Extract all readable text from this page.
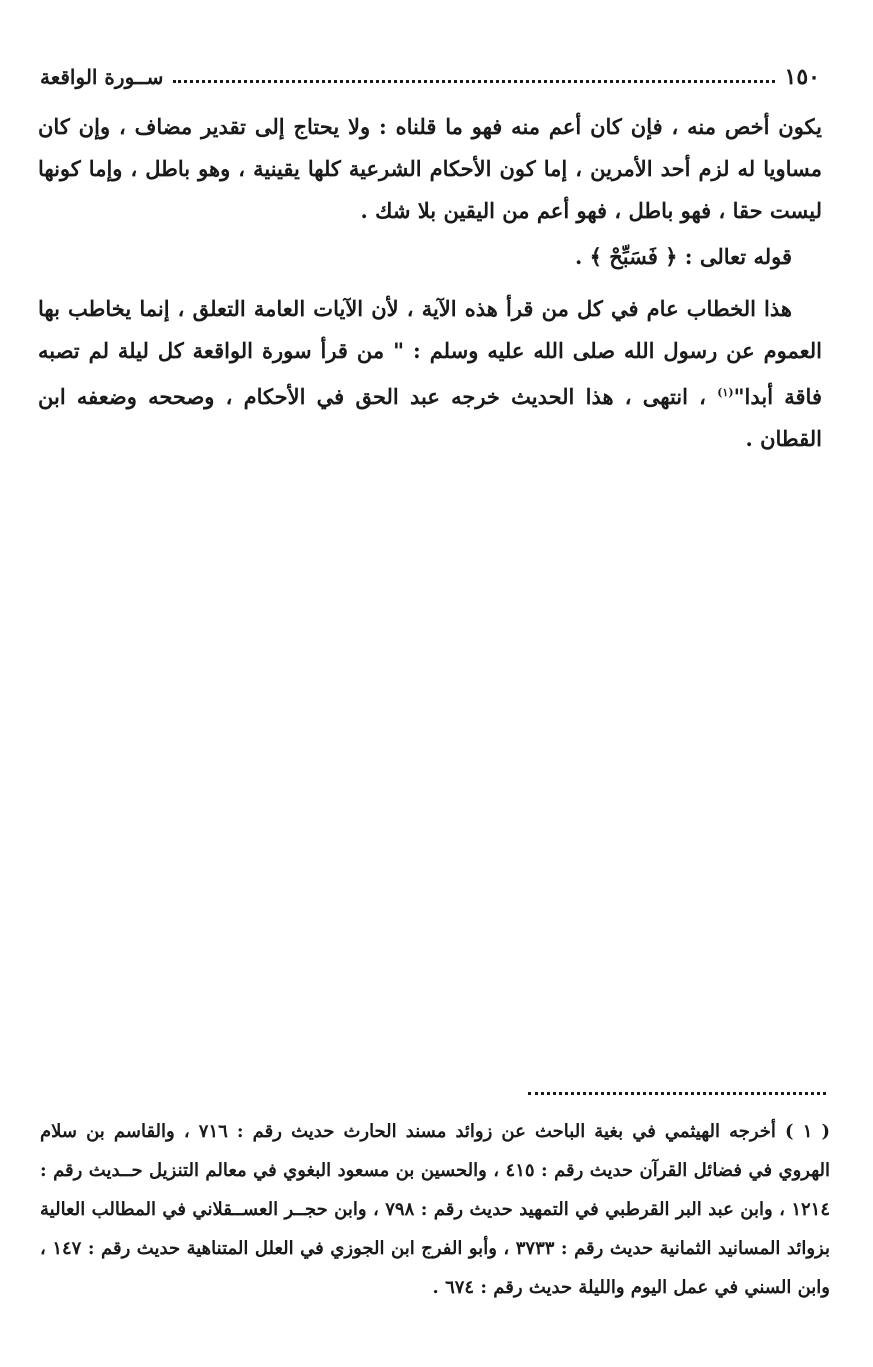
١٥٠
ســورة الواقعة

يكون أخص منه ، فإن كان أعم منه فهو ما قلناه : ولا يحتاج إلى تقدير مضاف ، وإن كان مساويا له لزم أحد الأمرين ، إما كون الأحكام الشرعية كلها يقينية ، وهو باطل ، وإما كونها ليست حقا ، فهو باطل ، فهو أعم من اليقين بلا شك .

قوله تعالى : ﴿ فَسَبِّحْ ﴾ .

هذا الخطاب عام في كل من قرأ هذه الآية ، لأن الآيات العامة التعلق ، إنما يخاطب بها العموم عن رسول الله صلى الله عليه وسلم : " من قرأ سورة الواقعة كل ليلة لم تصبه فاقة أبدا"$^{(١)}$ ، انتهى ، هذا الحديث خرجه عبد الحق في الأحكام ، وصححه وضعفه ابن القطان .

( ١ ) أخرجه الهيثمي في بغية الباحث عن زوائد مسند الحارث حديث رقم : ٧١٦ ، والقاسم بن سلام الهروي في فضائل القرآن حديث رقم : ٤١٥ ، والحسين بن مسعود البغوي في معالم التنزيل حــديث رقم : ١٢١٤ ، وابن عبد البر القرطبي في التمهيد حديث رقم : ٧٩٨ ، وابن حجــر العســقلاني في المطالب العالية بزوائد المسانيد الثمانية حديث رقم : ٣٧٣٣ ، وأبو الفرج ابن الجوزي في العلل المتناهية حديث رقم : ١٤٧ ، وابن السني في عمل اليوم والليلة حديث رقم : ٦٧٤ .
